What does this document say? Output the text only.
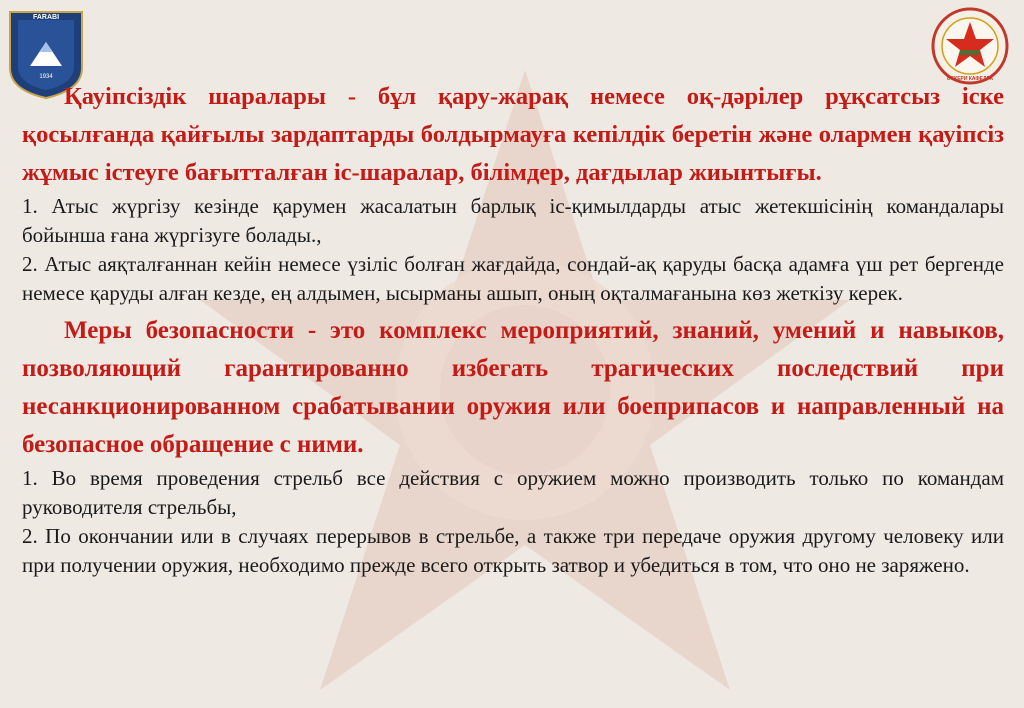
FARABI
1934	ӘСКЕРИ КАФЕДРА

Қауіпсіздік шаралары - бұл қару-жарақ немесе оқ-дәрілер рұқсатсыз іске қосылғанда қайғылы зардаптарды болдырмауға кепілдік беретін және олармен қауіпсіз жұмыс істеуге бағытталған іс-шаралар, білімдер, дағдылар жиынтығы.

1. Атыс жүргізу кезінде қарумен жасалатын барлық іс-қимылдарды атыс жетекшісінің командалары бойынша ғана жүргізуге болады.,

2. Атыс аяқталғаннан кейін немесе үзіліс болған жағдайда, сондай-ақ қаруды басқа адамға үш рет бергенде немесе қаруды алған кезде, ең алдымен, ысырманы ашып, оның оқталмағанына көз жеткізу керек.

Меры безопасности - это комплекс мероприятий, знаний, умений и навыков, позволяющий гарантированно избегать трагических последствий при несанкционированном срабатывании оружия или боеприпасов и направленный на безопасное обращение с ними.

1. Во время проведения стрельб все действия с оружием можно производить только по командам руководителя стрельбы,

2. По окончании или в случаях перерывов в стрельбе, а также три передаче оружия другому человеку или при получении оружия, необходимо прежде всего открыть затвор и убедиться в том, что оно не заряжено.
